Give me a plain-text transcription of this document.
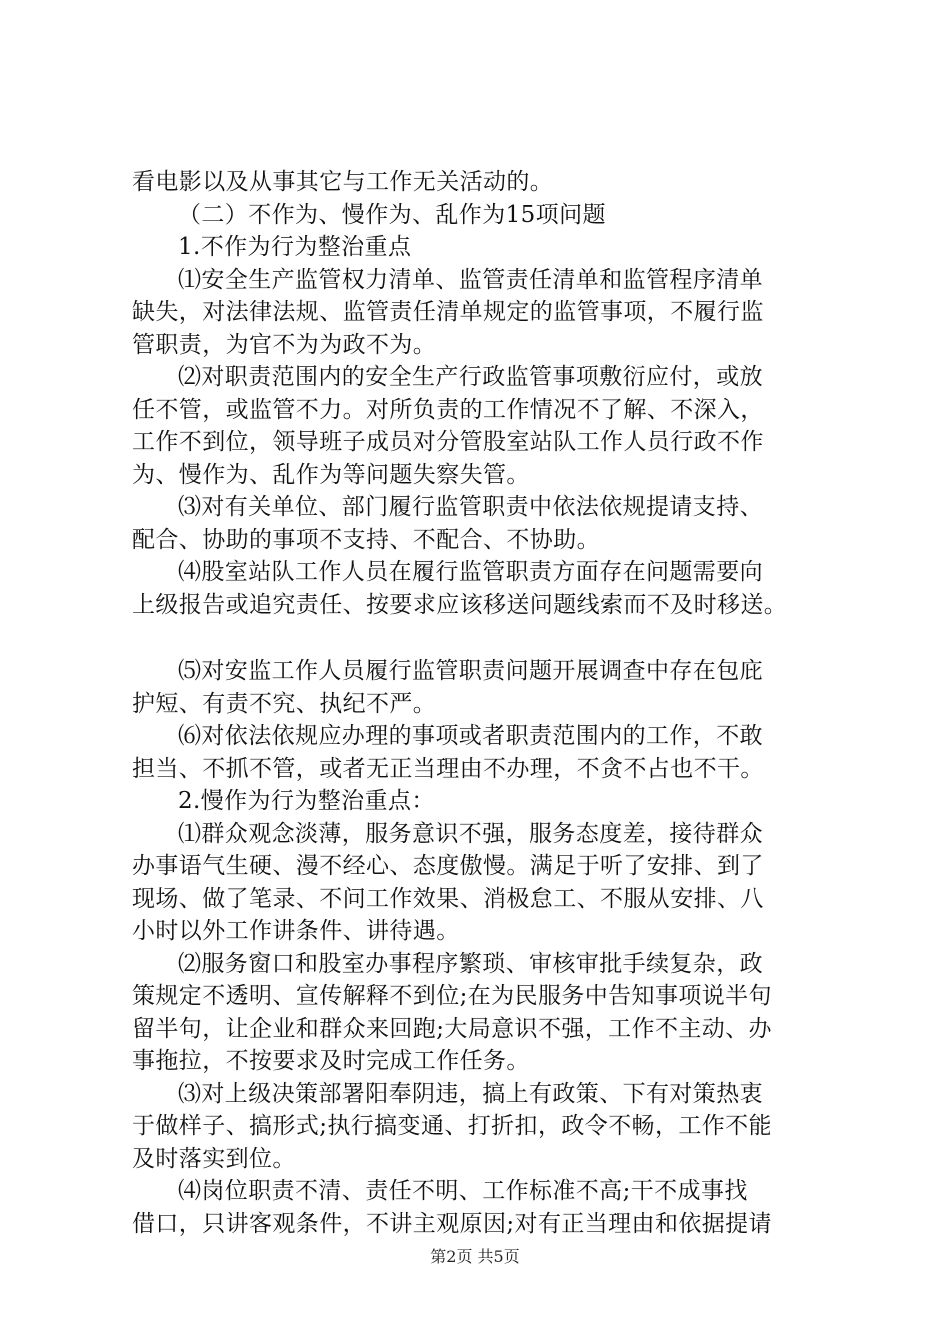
看电影以及从事其它与工作无关活动的。
（二）不作为、慢作为、乱作为15项问题
1.不作为行为整治重点
⑴安全生产监管权力清单、监管责任清单和监管程序清单
缺失，对法律法规、监管责任清单规定的监管事项，不履行监
管职责，为官不为为政不为。
⑵对职责范围内的安全生产行政监管事项敷衍应付，或放
任不管，或监管不力。对所负责的工作情况不了解、不深入，
工作不到位，领导班子成员对分管股室站队工作人员行政不作
为、慢作为、乱作为等问题失察失管。
⑶对有关单位、部门履行监管职责中依法依规提请支持、
配合、协助的事项不支持、不配合、不协助。
⑷股室站队工作人员在履行监管职责方面存在问题需要向
上级报告或追究责任、按要求应该移送问题线索而不及时移送。
⑸对安监工作人员履行监管职责问题开展调查中存在包庇
护短、有责不究、执纪不严。
⑹对依法依规应办理的事项或者职责范围内的工作，不敢
担当、不抓不管，或者无正当理由不办理，不贪不占也不干。
2.慢作为行为整治重点：
⑴群众观念淡薄，服务意识不强，服务态度差，接待群众
办事语气生硬、漫不经心、态度傲慢。满足于听了安排、到了
现场、做了笔录、不问工作效果、消极怠工、不服从安排、八
小时以外工作讲条件、讲待遇。
⑵服务窗口和股室办事程序繁琐、审核审批手续复杂，政
策规定不透明、宣传解释不到位;在为民服务中告知事项说半句
留半句，让企业和群众来回跑;大局意识不强，工作不主动、办
事拖拉，不按要求及时完成工作任务。
⑶对上级决策部署阳奉阴违，搞上有政策、下有对策热衷
于做样子、搞形式;执行搞变通、打折扣，政令不畅，工作不能
及时落实到位。
⑷岗位职责不清、责任不明、工作标准不高;干不成事找
借口，只讲客观条件，不讲主观原因;对有正当理由和依据提请
第2页 共5页
